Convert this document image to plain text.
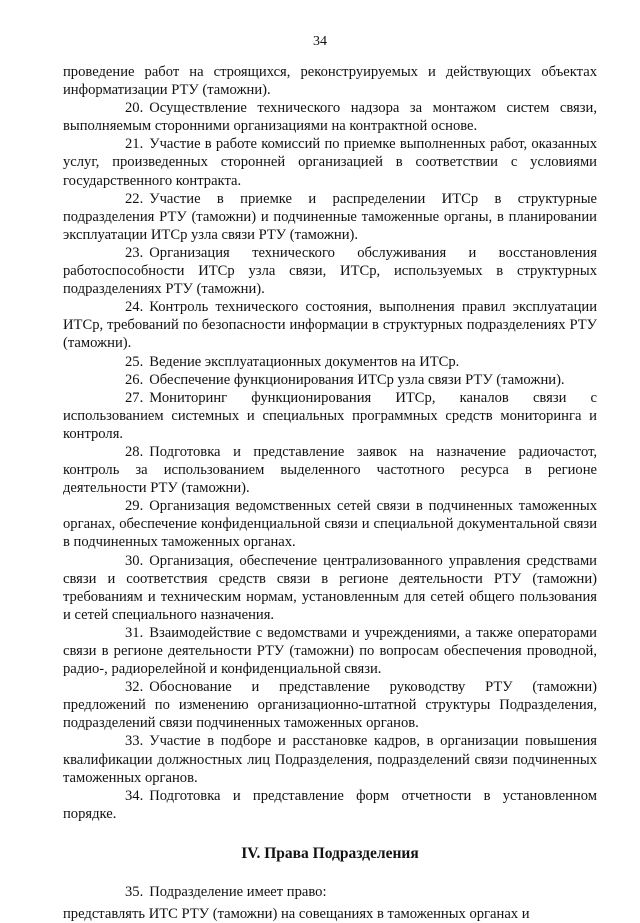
34

проведение работ на строящихся, реконструируемых и действующих объектах информатизации РТУ (таможни).

20. Осуществление технического надзора за монтажом систем связи, выполняемым сторонними организациями на контрактной основе.

21. Участие в работе комиссий по приемке выполненных работ, оказанных услуг, произведенных сторонней организацией в соответствии с условиями государственного контракта.

22. Участие в приемке и распределении ИТСр в структурные подразделения РТУ (таможни) и подчиненные таможенные органы, в планировании эксплуатации ИТСр узла связи РТУ (таможни).

23. Организация технического обслуживания и восстановления работоспособности ИТСр узла связи, ИТСр, используемых в структурных подразделениях РТУ (таможни).

24. Контроль технического состояния, выполнения правил эксплуатации ИТСр, требований по безопасности информации в структурных подразделениях РТУ (таможни).

25. Ведение эксплуатационных документов на ИТСр.

26. Обеспечение функционирования ИТСр узла связи РТУ (таможни).

27. Мониторинг функционирования ИТСр, каналов связи с использованием системных и специальных программных средств мониторинга и контроля.

28. Подготовка и представление заявок на назначение радиочастот, контроль за использованием выделенного частотного ресурса в регионе деятельности РТУ (таможни).

29. Организация ведомственных сетей связи в подчиненных таможенных органах, обеспечение конфиденциальной связи и специальной документальной связи в подчиненных таможенных органах.

30. Организация, обеспечение централизованного управления средствами связи и соответствия средств связи в регионе деятельности РТУ (таможни) требованиям и техническим нормам, установленным для сетей общего пользования и сетей специального назначения.

31. Взаимодействие с ведомствами и учреждениями, а также операторами связи в регионе деятельности РТУ (таможни) по вопросам обеспечения проводной, радио-, радиорелейной и конфиденциальной связи.

32. Обоснование и представление руководству РТУ (таможни) предложений по изменению организационно-штатной структуры Подразделения, подразделений связи подчиненных таможенных органов.

33. Участие в подборе и расстановке кадров, в организации повышения квалификации должностных лиц Подразделения, подразделений связи подчиненных таможенных органов.

34. Подготовка и представление форм отчетности в установленном порядке.

IV. Права Подразделения

35. Подразделение имеет право:

представлять ИТС РТУ (таможни) на совещаниях в таможенных органах и
